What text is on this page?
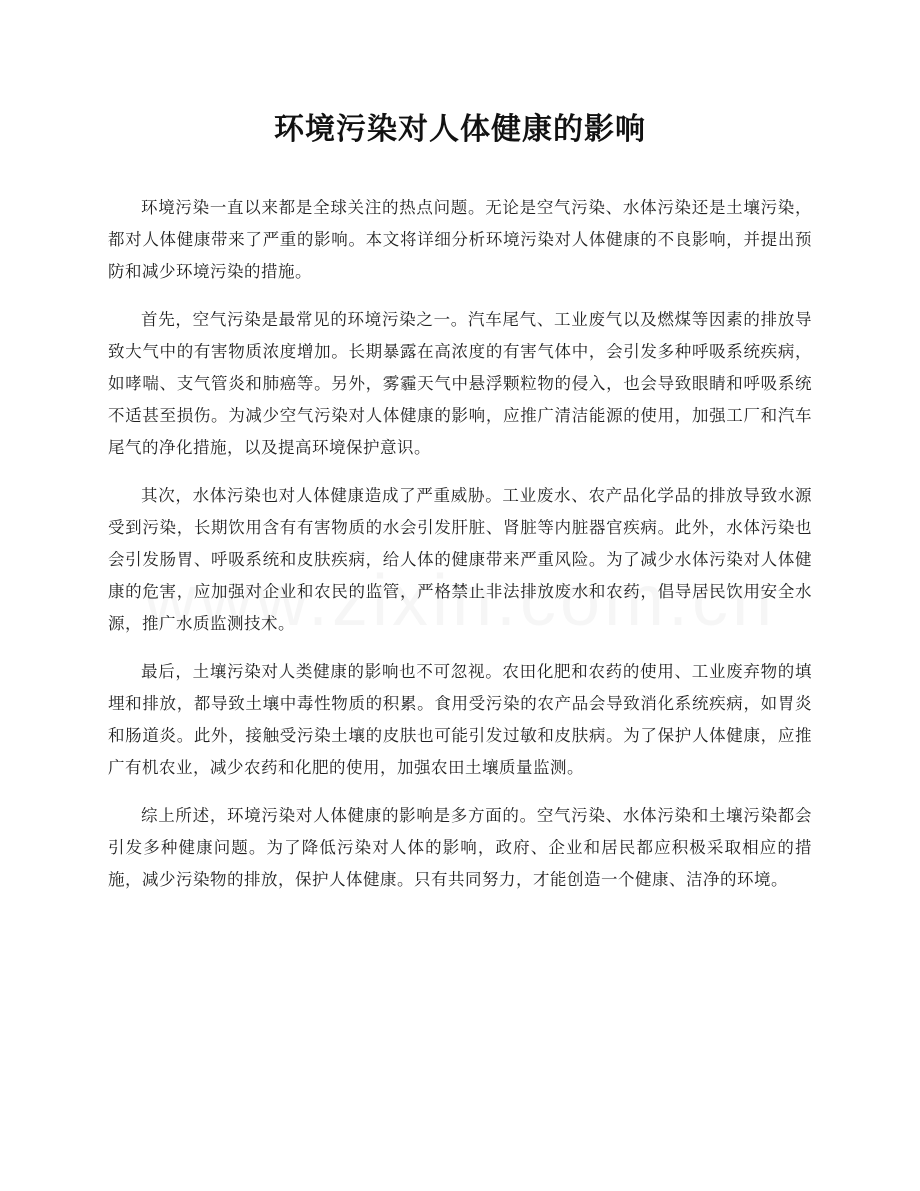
环境污染对人体健康的影响

环境污染一直以来都是全球关注的热点问题。无论是空气污染、水体污染还是土壤污染，都对人体健康带来了严重的影响。本文将详细分析环境污染对人体健康的不良影响，并提出预防和减少环境污染的措施。

首先，空气污染是最常见的环境污染之一。汽车尾气、工业废气以及燃煤等因素的排放导致大气中的有害物质浓度增加。长期暴露在高浓度的有害气体中，会引发多种呼吸系统疾病，如哮喘、支气管炎和肺癌等。另外，雾霾天气中悬浮颗粒物的侵入，也会导致眼睛和呼吸系统不适甚至损伤。为减少空气污染对人体健康的影响，应推广清洁能源的使用，加强工厂和汽车尾气的净化措施，以及提高环境保护意识。

其次，水体污染也对人体健康造成了严重威胁。工业废水、农产品化学品的排放导致水源受到污染，长期饮用含有有害物质的水会引发肝脏、肾脏等内脏器官疾病。此外，水体污染也会引发肠胃、呼吸系统和皮肤疾病，给人体的健康带来严重风险。为了减少水体污染对人体健康的危害，应加强对企业和农民的监管，严格禁止非法排放废水和农药，倡导居民饮用安全水源，推广水质监测技术。

最后，土壤污染对人类健康的影响也不可忽视。农田化肥和农药的使用、工业废弃物的填埋和排放，都导致土壤中毒性物质的积累。食用受污染的农产品会导致消化系统疾病，如胃炎和肠道炎。此外，接触受污染土壤的皮肤也可能引发过敏和皮肤病。为了保护人体健康，应推广有机农业，减少农药和化肥的使用，加强农田土壤质量监测。

综上所述，环境污染对人体健康的影响是多方面的。空气污染、水体污染和土壤污染都会引发多种健康问题。为了降低污染对人体的影响，政府、企业和居民都应积极采取相应的措施，减少污染物的排放，保护人体健康。只有共同努力，才能创造一个健康、洁净的环境。
